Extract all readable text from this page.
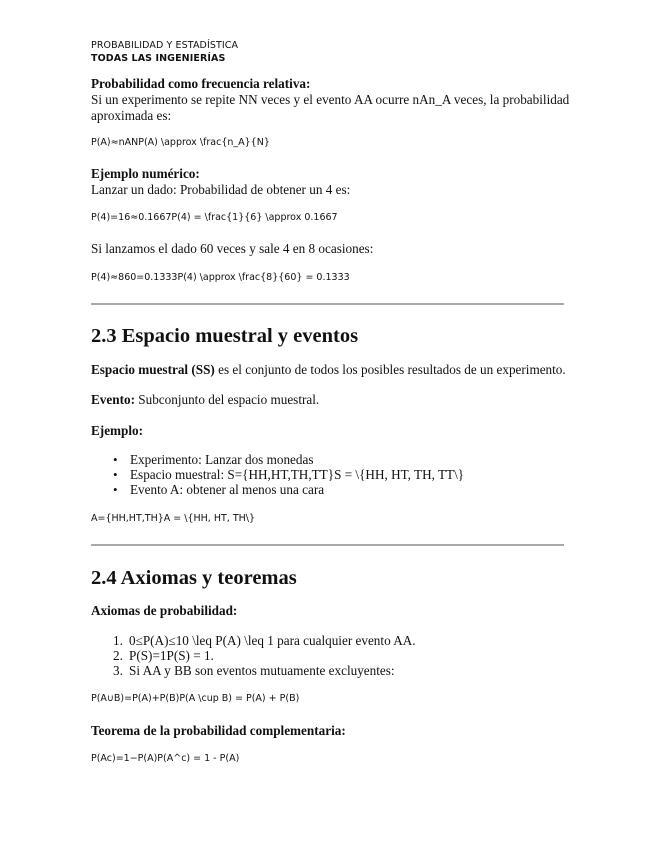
PROBABILIDAD Y ESTADÍSTICA
TODAS LAS INGENIERÍAS
Probabilidad como frecuencia relativa:
Si un experimento se repite NN veces y el evento AA ocurre nAn_A veces, la probabilidad aproximada es:
P(A)≈nANP(A) \approx \frac{n_A}{N}
Ejemplo numérico:
Lanzar un dado: Probabilidad de obtener un 4 es:
P(4)=16≈0.1667P(4) = \frac{1}{6} \approx 0.1667
Si lanzamos el dado 60 veces y sale 4 en 8 ocasiones:
P(4)≈860=0.1333P(4) \approx \frac{8}{60} = 0.1333
2.3 Espacio muestral y eventos
Espacio muestral (SS) es el conjunto de todos los posibles resultados de un experimento.
Evento: Subconjunto del espacio muestral.
Ejemplo:
• Experimento: Lanzar dos monedas
• Espacio muestral: S={HH,HT,TH,TT}S = \{HH, HT, TH, TT\}
• Evento A: obtener al menos una cara
A={HH,HT,TH}A = \{HH, HT, TH\}
2.4 Axiomas y teoremas
Axiomas de probabilidad:
1. 0≤P(A)≤10 \leq P(A) \leq 1 para cualquier evento AA.
2. P(S)=1P(S) = 1.
3. Si AA y BB son eventos mutuamente excluyentes:
P(A∪B)=P(A)+P(B)P(A \cup B) = P(A) + P(B)
Teorema de la probabilidad complementaria:
P(Ac)=1−P(A)P(A^c) = 1 - P(A)
